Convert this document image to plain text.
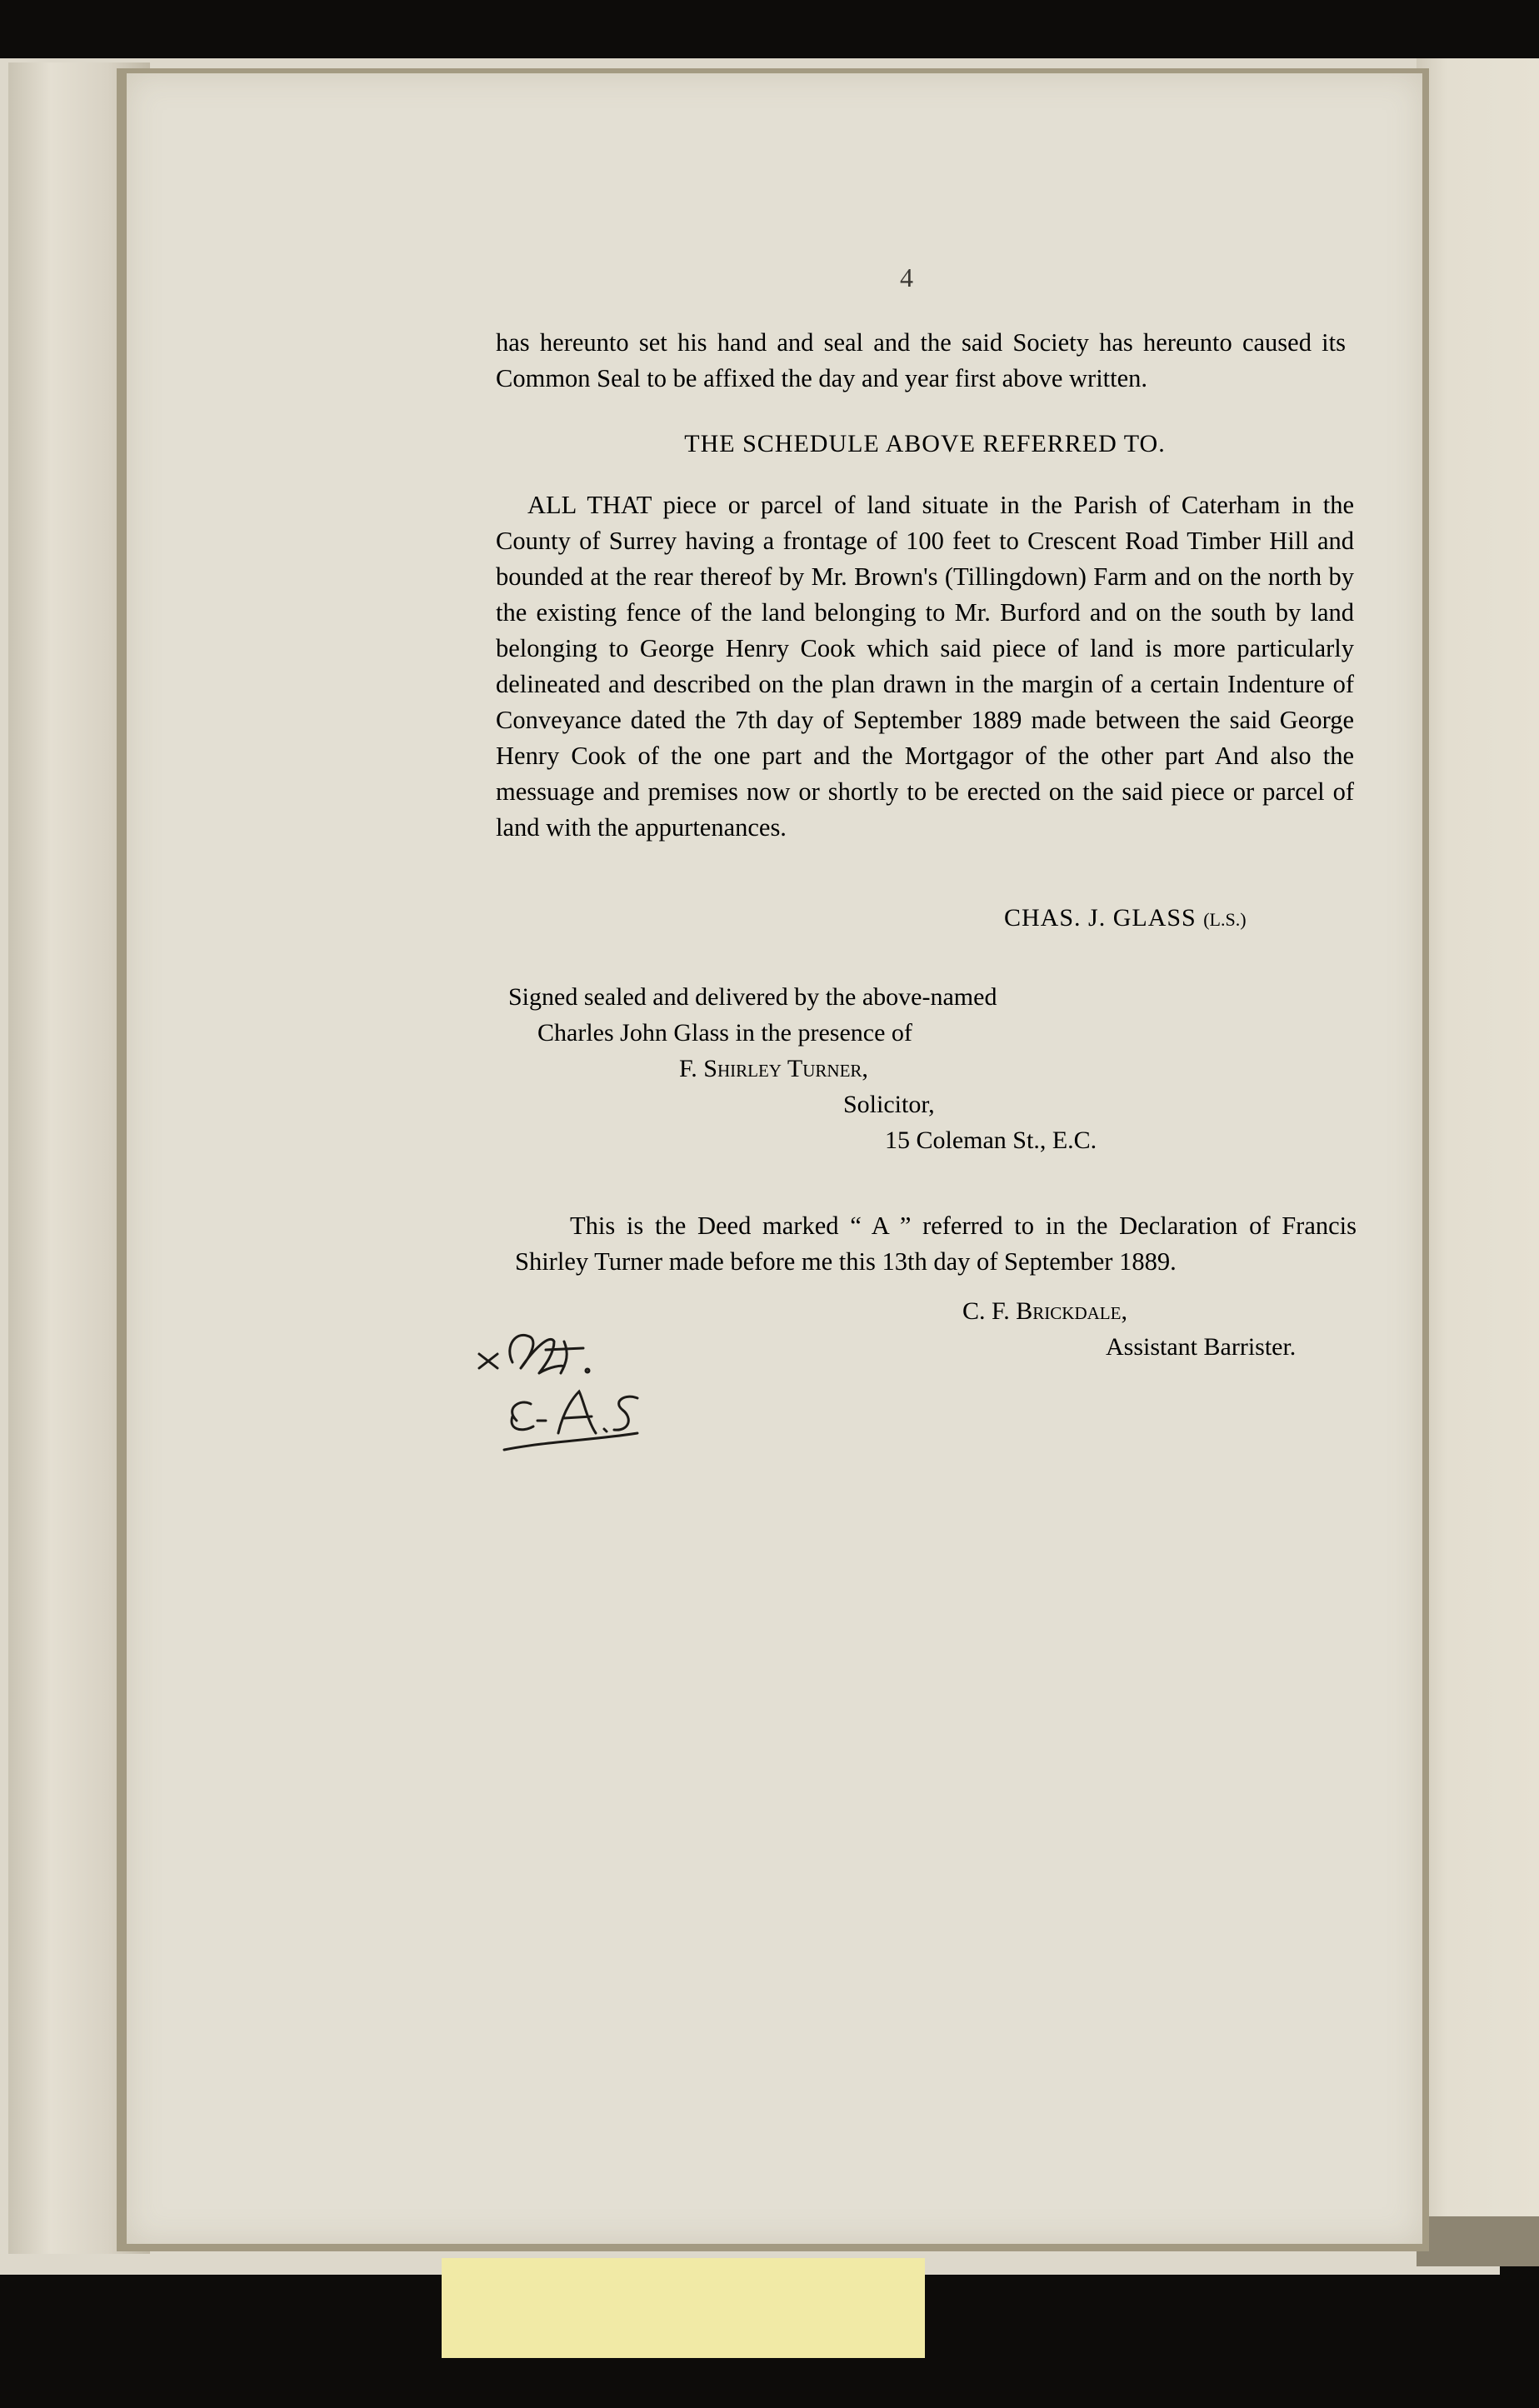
4
has hereunto set his hand and seal and the said Society has hereunto caused its Common Seal to be affixed the day and year first above written.
THE SCHEDULE ABOVE REFERRED TO.
ALL THAT piece or parcel of land situate in the Parish of Caterham in the County of Surrey having a frontage of 100 feet to Crescent Road Timber Hill and bounded at the rear thereof by Mr. Brown's (Tillingdown) Farm and on the north by the existing fence of the land belonging to Mr. Burford and on the south by land belonging to George Henry Cook which said piece of land is more particularly delineated and described on the plan drawn in the margin of a certain Indenture of Conveyance dated the 7th day of September 1889 made between the said George Henry Cook of the one part and the Mortgagor of the other part And also the messuage and premises now or shortly to be erected on the said piece or parcel of land with the appurtenances.
CHAS. J. GLASS (L.S.)
Signed sealed and delivered by the above-named
Charles John Glass in the presence of
F. Shirley Turner,
Solicitor,
15 Coleman St., E.C.
This is the Deed marked “ A ” referred to in the Declaration of Francis Shirley Turner made before me this 13th day of September 1889.
C. F. Brickdale,
Assistant Barrister.
